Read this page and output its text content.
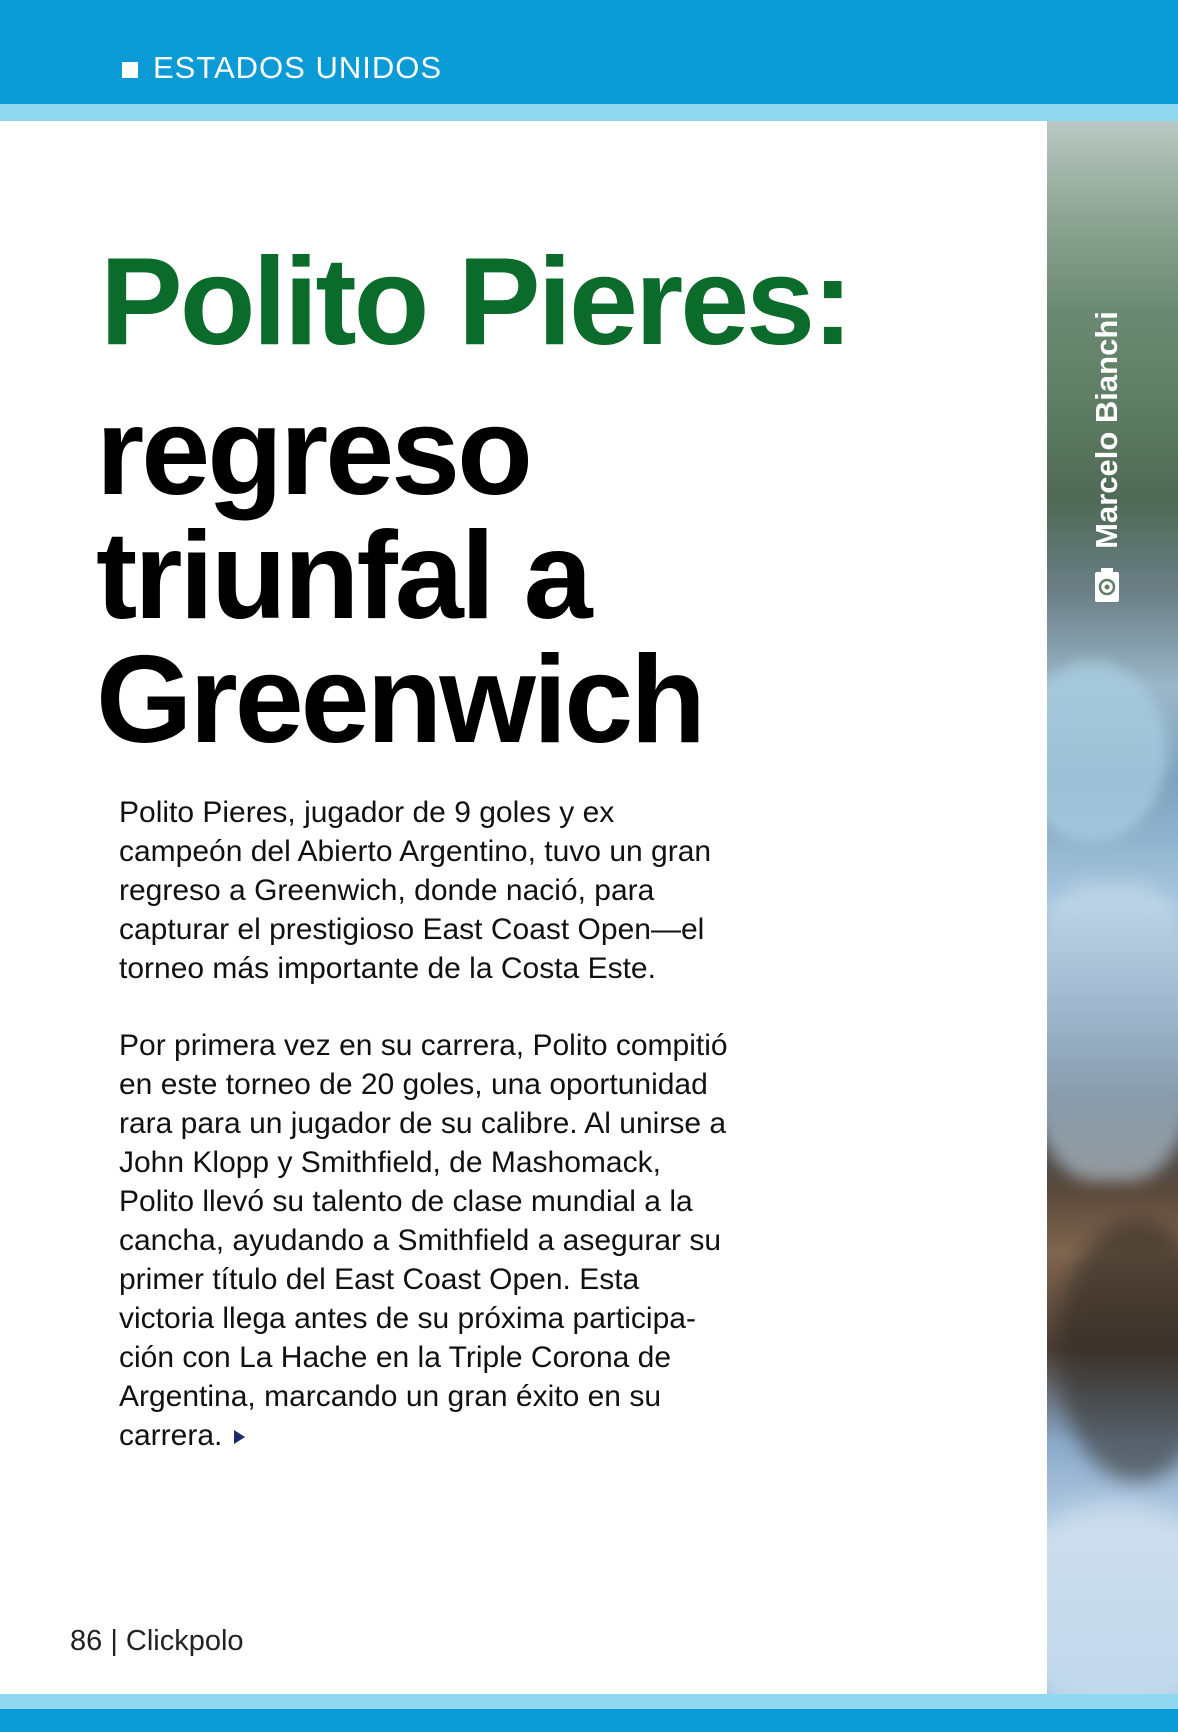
ESTADOS UNIDOS
Marcelo Bianchi
Polito Pieres:
regreso
triunfal a
Greenwich

Polito Pieres, jugador de 9 goles y ex
campeón del Abierto Argentino, tuvo un gran
regreso a Greenwich, donde nació, para
capturar el prestigioso East Coast Open—el
torneo más importante de la Costa Este.

Por primera vez en su carrera, Polito compitió
en este torneo de 20 goles, una oportunidad
rara para un jugador de su calibre. Al unirse a
John Klopp y Smithfield, de Mashomack,
Polito llevó su talento de clase mundial a la
cancha, ayudando a Smithfield a asegurar su
primer título del East Coast Open. Esta
victoria llega antes de su próxima participa-
ción con La Hache en la Triple Corona de
Argentina, marcando un gran éxito en su
carrera.

86 | Clickpolo
